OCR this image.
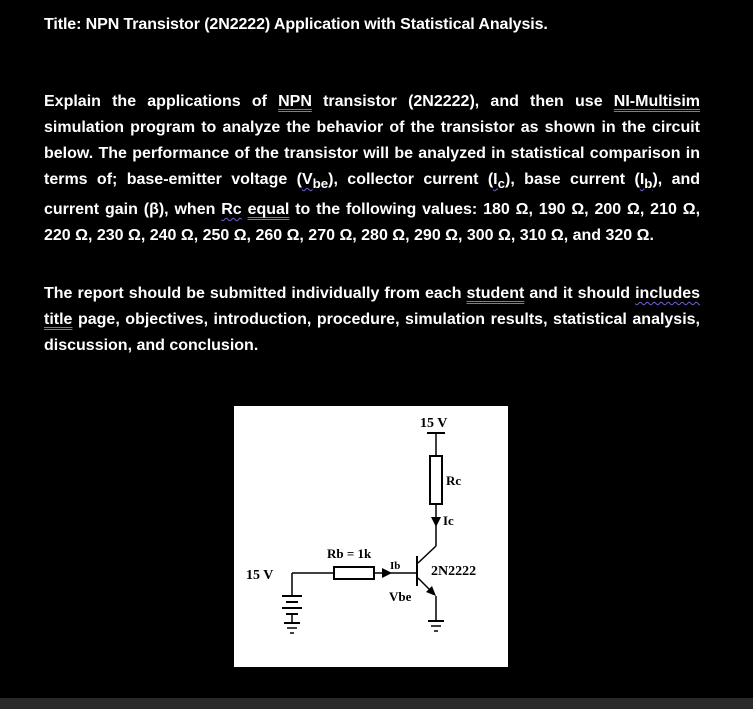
Title: NPN Transistor (2N2222) Application with Statistical Analysis.

Explain the applications of NPN transistor (2N2222), and then use NI-Multisim simulation program to analyze the behavior of the transistor as shown in the circuit below. The performance of the transistor will be analyzed in statistical comparison in terms of; base-emitter voltage $(V_{be})$, collector current $(I_c)$, base current $(I_b)$, and current gain (β), when Rc equal to the following values: 180 Ω, 190 Ω, 200 Ω, 210 Ω, 220 Ω, 230 Ω, 240 Ω, 250 Ω, 260 Ω, 270 Ω, 280 Ω, 290 Ω, 300 Ω, 310 Ω, and 320 Ω.

The report should be submitted individually from each student and it should includes title page, objectives, introduction, procedure, simulation results, statistical analysis, discussion, and conclusion.

15 V
Rc
Ic
Rb = 1k
Ib
15 V	2N2222
Vbe
